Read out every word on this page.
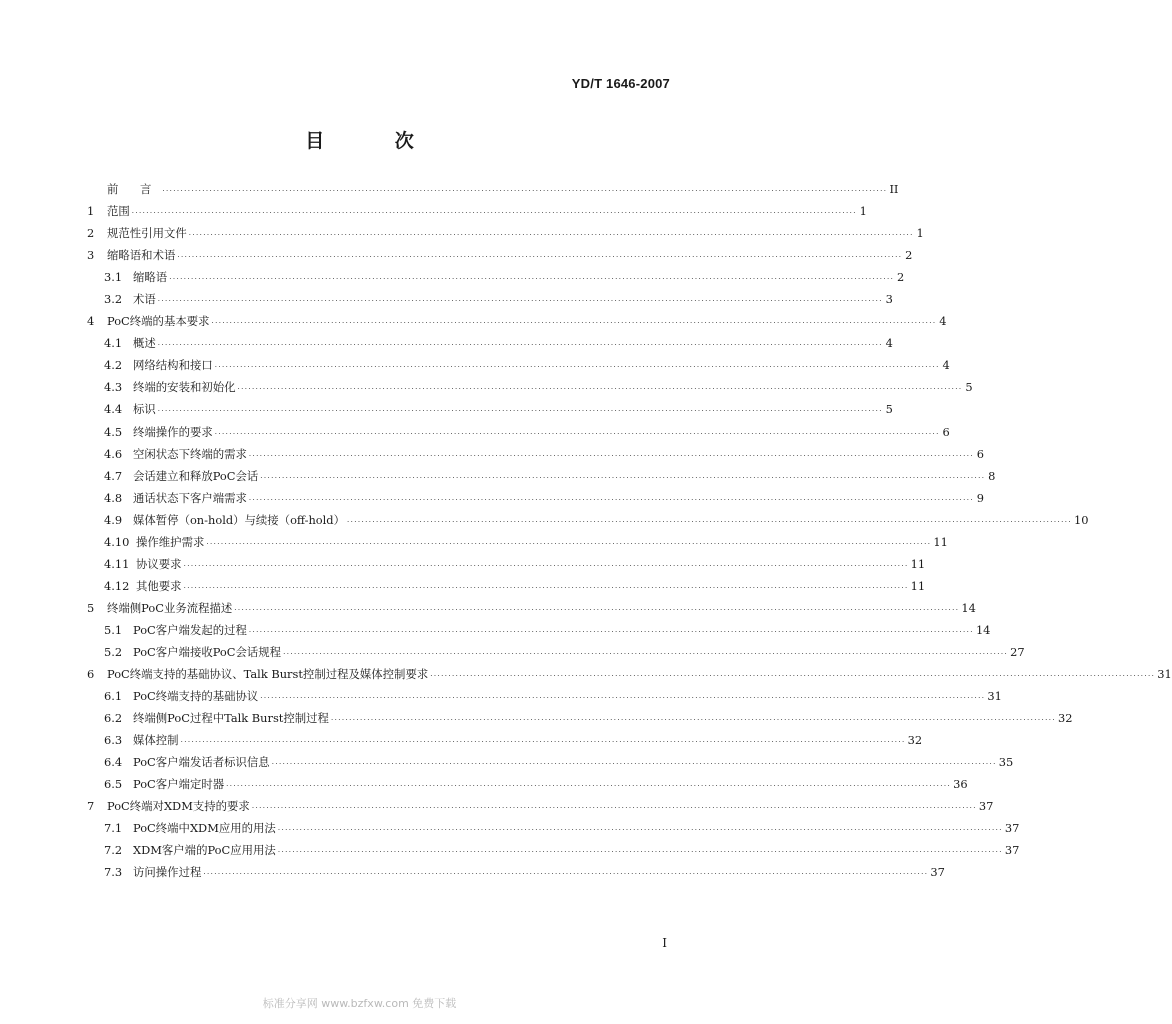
YD/T 1646-2007
目 次
前 言 ········································································································································································································ II
1	范围 ········································································································································································································ 1
2	规范性引用文件 ········································································································································································································ 1
3	缩略语和术语 ········································································································································································································ 2
3.1 缩略语 ········································································································································································································ 2
3.2 术语 ········································································································································································································ 3
4	PoC终端的基本要求 ········································································································································································································ 4
4.1 概述 ········································································································································································································ 4
4.2 网络结构和接口 ········································································································································································································ 4
4.3 终端的安装和初始化 ········································································································································································································ 5
4.4 标识 ········································································································································································································ 5
4.5 终端操作的要求 ········································································································································································································ 6
4.6 空闲状态下终端的需求 ········································································································································································································ 6
4.7 会话建立和释放PoC会话 ········································································································································································································ 8
4.8 通话状态下客户端需求 ········································································································································································································ 9
4.9 媒体暂停（on-hold）与续接（off-hold） ········································································································································································································ 10
4.10 操作维护需求 ········································································································································································································ 11
4.11 协议要求 ········································································································································································································ 11
4.12 其他要求 ········································································································································································································ 11
5	终端侧PoC业务流程描述 ········································································································································································································ 14
5.1 PoC客户端发起的过程 ········································································································································································································ 14
5.2 PoC客户端接收PoC会话规程 ········································································································································································································ 27
6	PoC终端支持的基础协议、Talk Burst控制过程及媒体控制要求 ········································································································································································································ 31
6.1 PoC终端支持的基础协议 ········································································································································································································ 31
6.2 终端侧PoC过程中Talk Burst控制过程 ········································································································································································································ 32
6.3 媒体控制 ········································································································································································································ 32
6.4 PoC客户端发话者标识信息 ········································································································································································································ 35
6.5 PoC客户端定时器 ········································································································································································································ 36
7	PoC终端对XDM支持的要求 ········································································································································································································ 37
7.1 PoC终端中XDM应用的用法 ········································································································································································································ 37
7.2 XDM客户端的PoC应用用法 ········································································································································································································ 37
7.3 访问操作过程 ········································································································································································································ 37
I
标准分享网 www.bzfxw.com 免费下载
